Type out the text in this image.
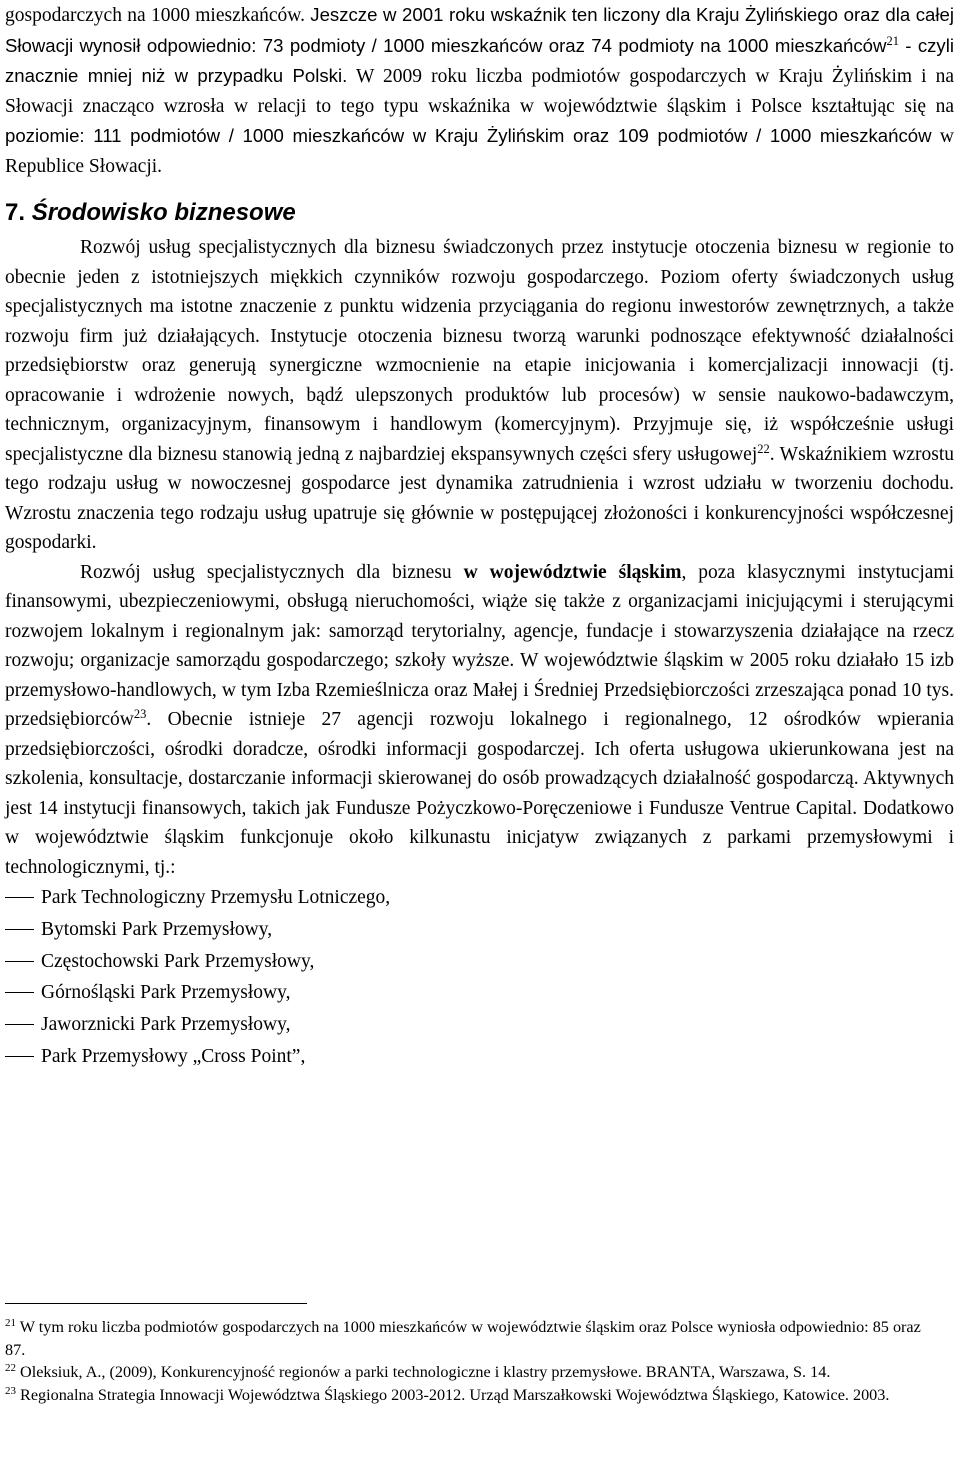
gospodarczych na 1000 mieszkańców. Jeszcze w 2001 roku wskaźnik ten liczony dla Kraju Żylińskiego oraz dla całej Słowacji wynosił odpowiednio: 73 podmioty / 1000 mieszkańców oraz 74 podmioty na 1000 mieszkańców$^{21}$ - czyli znacznie mniej niż w przypadku Polski. W 2009 roku liczba podmiotów gospodarczych w Kraju Żylińskim i na Słowacji znacząco wzrosła w relacji to tego typu wskaźnika w województwie śląskim i Polsce kształtując się na poziomie: 111 podmiotów / 1000 mieszkańców w Kraju Żylińskim oraz 109 podmiotów / 1000 mieszkańców w Republice Słowacji.

7. Środowisko biznesowe

Rozwój usług specjalistycznych dla biznesu świadczonych przez instytucje otoczenia biznesu w regionie to obecnie jeden z istotniejszych miękkich czynników rozwoju gospodarczego. Poziom oferty świadczonych usług specjalistycznych ma istotne znaczenie z punktu widzenia przyciągania do regionu inwestorów zewnętrznych, a także rozwoju firm już działających. Instytucje otoczenia biznesu tworzą warunki podnoszące efektywność działalności przedsiębiorstw oraz generują synergiczne wzmocnienie na etapie inicjowania i komercjalizacji innowacji (tj. opracowanie i wdrożenie nowych, bądź ulepszonych produktów lub procesów) w sensie naukowo-badawczym, technicznym, organizacyjnym, finansowym i handlowym (komercyjnym). Przyjmuje się, iż współcześnie usługi specjalistyczne dla biznesu stanowią jedną z najbardziej ekspansywnych części sfery usługowej$^{22}$. Wskaźnikiem wzrostu tego rodzaju usług w nowoczesnej gospodarce jest dynamika zatrudnienia i wzrost udziału w tworzeniu dochodu. Wzrostu znaczenia tego rodzaju usług upatruje się głównie w postępującej złożoności i konkurencyjności współczesnej gospodarki.

Rozwój usług specjalistycznych dla biznesu w województwie śląskim, poza klasycznymi instytucjami finansowymi, ubezpieczeniowymi, obsługą nieruchomości, wiąże się także z organizacjami inicjującymi i sterującymi rozwojem lokalnym i regionalnym jak: samorząd terytorialny, agencje, fundacje i stowarzyszenia działające na rzecz rozwoju; organizacje samorządu gospodarczego; szkoły wyższe. W województwie śląskim w 2005 roku działało 15 izb przemysłowo-handlowych, w tym Izba Rzemieślnicza oraz Małej i Średniej Przedsiębiorczości zrzeszająca ponad 10 tys. przedsiębiorców$^{23}$. Obecnie istnieje 27 agencji rozwoju lokalnego i regionalnego, 12 ośrodków wpierania przedsiębiorczości, ośrodki doradcze, ośrodki informacji gospodarczej. Ich oferta usługowa ukierunkowana jest na szkolenia, konsultacje, dostarczanie informacji skierowanej do osób prowadzących działalność gospodarczą. Aktywnych jest 14 instytucji finansowych, takich jak Fundusze Pożyczkowo-Poręczeniowe i Fundusze Ventrue Capital. Dodatkowo w województwie śląskim funkcjonuje około kilkunastu inicjatyw związanych z parkami przemysłowymi i technologicznymi, tj.:

Park Technologiczny Przemysłu Lotniczego,
Bytomski Park Przemysłowy,
Częstochowski Park Przemysłowy,
Górnośląski Park Przemysłowy,
Jaworznicki Park Przemysłowy,
Park Przemysłowy „Cross Point”,

$^{21}$ W tym roku liczba podmiotów gospodarczych na 1000 mieszkańców w województwie śląskim oraz Polsce wyniosła odpowiednio: 85 oraz 87.

$^{22}$ Oleksiuk, A., (2009), Konkurencyjność regionów a parki technologiczne i klastry przemysłowe. BRANTA, Warszawa, S. 14.

$^{23}$ Regionalna Strategia Innowacji Województwa Śląskiego 2003-2012. Urząd Marszałkowski Województwa Śląskiego, Katowice. 2003.
